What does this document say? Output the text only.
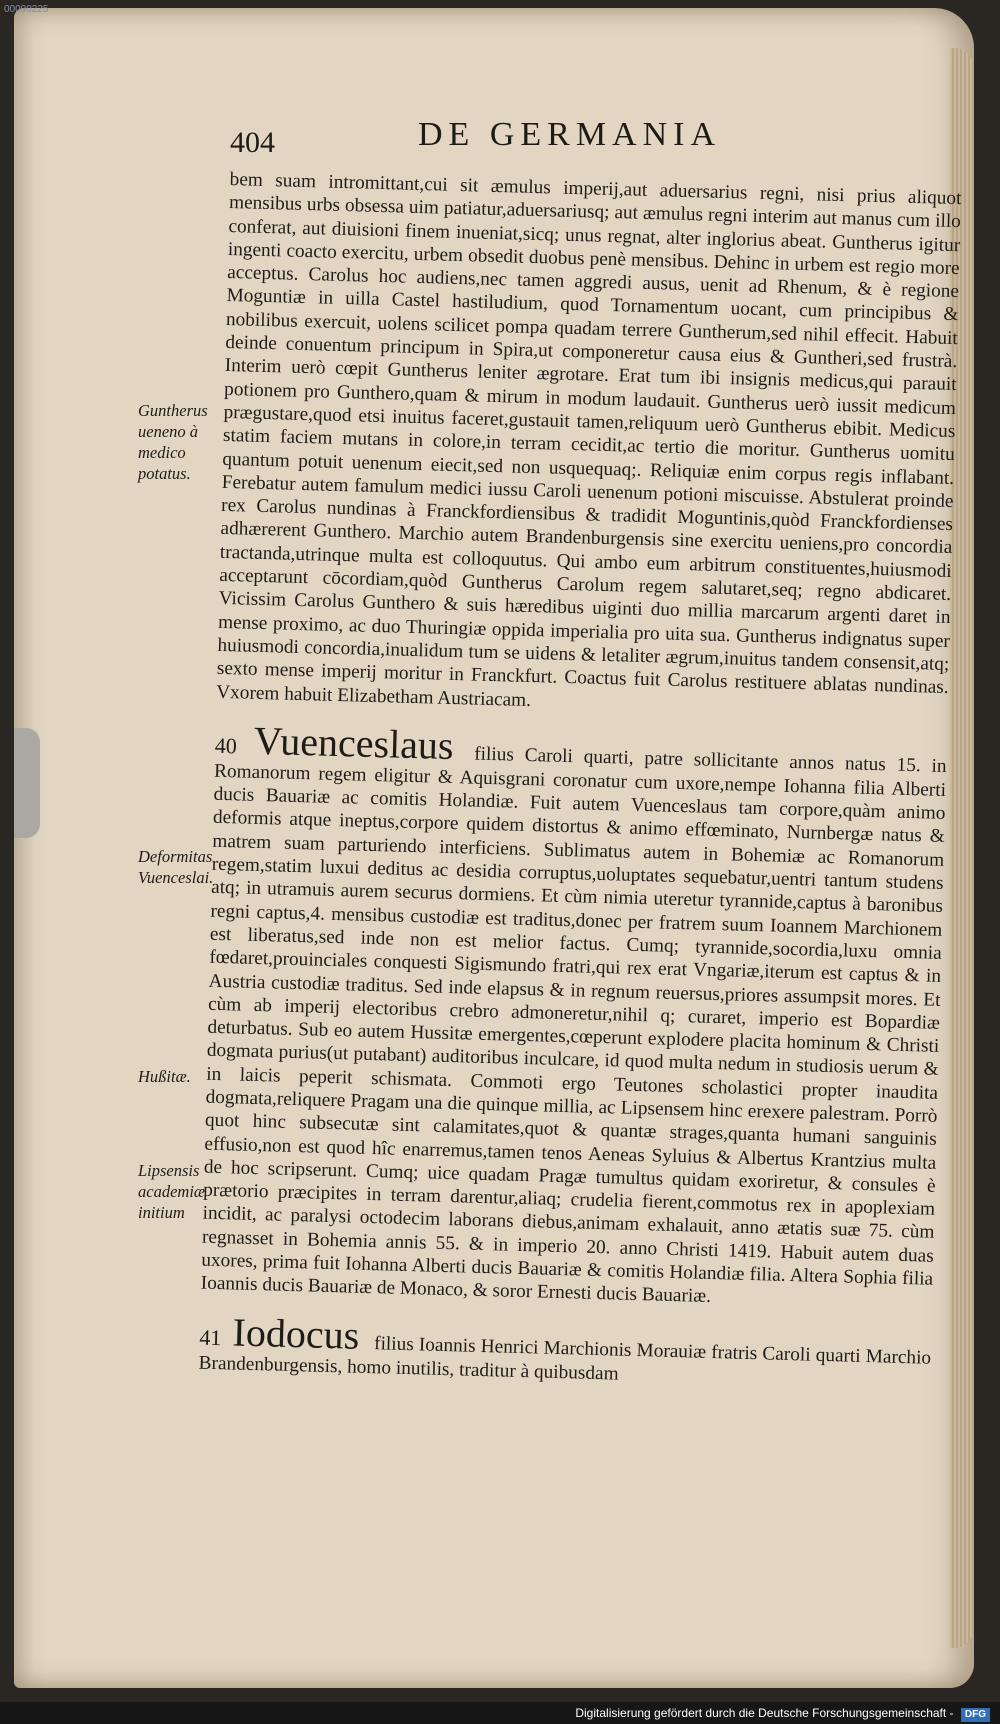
404	DE GERMANIA
Guntherus ueneno à medico potatus.
Deformitas Vuenceslai.
Hußitæ.
Lipsensis academiæ initium

bem suam intromittant,cui sit æmulus imperij,aut aduersarius regni, nisi prius aliquot mensibus urbs obsessa uim patiatur,aduersariusq; aut æmulus regni interim aut manus cum illo conferat, aut diuisioni finem inueniat,sicq; unus regnat, alter inglorius abeat. Guntherus igitur ingenti coacto exercitu, urbem obsedit duobus penè mensibus. Dehinc in urbem est regio more acceptus. Carolus hoc audiens,nec tamen aggredi ausus, uenit ad Rhenum, & è regione Moguntiæ in uilla Castel hastiludium, quod Tornamentum uocant, cum principibus & nobilibus exercuit, uolens scilicet pompa quadam terrere Guntherum,sed nihil effecit. Habuit deinde conuentum principum in Spira,ut componeretur causa eius & Guntheri,sed frustrà. Interim uerò cœpit Guntherus leniter ægrotare. Erat tum ibi insignis medicus,qui parauit potionem pro Gunthero,quam & mirum in modum laudauit. Guntherus uerò iussit medicum prægustare,quod etsi inuitus faceret,gustauit tamen,reliquum uerò Guntherus ebibit. Medicus statim faciem mutans in colore,in terram cecidit,ac tertio die moritur. Guntherus uomitu quantum potuit uenenum eiecit,sed non usquequaq;. Reliquiæ enim corpus regis inflabant. Ferebatur autem famulum medici iussu Caroli uenenum potioni miscuisse. Abstulerat proinde rex Carolus nundinas à Franckfordiensibus & tradidit Moguntinis,quòd Franckfordienses adhærerent Gunthero. Marchio autem Brandenburgensis sine exercitu ueniens,pro concordia tractanda,utrinque multa est colloquutus. Qui ambo eum arbitrum constituentes,huiusmodi acceptarunt cōcordiam,quòd Guntherus Carolum regem salutaret,seq; regno abdicaret. Vicissim Carolus Gunthero & suis hæredibus uiginti duo millia marcarum argenti daret in mense proximo, ac duo Thuringiæ oppida imperialia pro uita sua. Guntherus indignatus super huiusmodi concordia,inualidum tum se uidens & letaliter ægrum,inuitus tandem consensit,atq; sexto mense imperij moritur in Franckfurt. Coactus fuit Carolus restituere ablatas nundinas. Vxorem habuit Elizabetham Austriacam.

40 Vuenceslaus filius Caroli quarti, patre sollicitante annos natus 15. in Romanorum regem eligitur & Aquisgrani coronatur cum uxore,nempe Iohanna filia Alberti ducis Bauariæ ac comitis Holandiæ. Fuit autem Vuenceslaus tam corpore,quàm animo deformis atque ineptus,corpore quidem distortus & animo effœminato, Nurnbergæ natus & matrem suam parturiendo interficiens. Sublimatus autem in Bohemiæ ac Romanorum regem,statim luxui deditus ac desidia corruptus,uoluptates sequebatur,uentri tantum studens atq; in utramuis aurem securus dormiens. Et cùm nimia uteretur tyrannide,captus à baronibus regni captus,4. mensibus custodiæ est traditus,donec per fratrem suum Ioannem Marchionem est liberatus,sed inde non est melior factus. Cumq; tyrannide,socordia,luxu omnia fœdaret,prouinciales conquesti Sigismundo fratri,qui rex erat Vngariæ,iterum est captus & in Austria custodiæ traditus. Sed inde elapsus & in regnum reuersus,priores assumpsit mores. Et cùm ab imperij electoribus crebro admoneretur,nihil q; curaret, imperio est Bopardiæ deturbatus. Sub eo autem Hussitæ emergentes,cœperunt explodere placita hominum & Christi dogmata purius(ut putabant) auditoribus inculcare, id quod multa nedum in studiosis uerum & in laicis peperit schismata. Commoti ergo Teutones scholastici propter inaudita dogmata,reliquere Pragam una die quinque millia, ac Lipsensem hinc erexere palestram. Porrò quot hinc subsecutæ sint calamitates,quot & quantæ strages,quanta humani sanguinis effusio,non est quod hîc enarremus,tamen tenos Aeneas Syluius & Albertus Krantzius multa de hoc scripserunt. Cumq; uice quadam Pragæ tumultus quidam exoriretur, & consules è prætorio præcipites in terram darentur,aliaq; crudelia fierent,commotus rex in apoplexiam incidit, ac paralysi octodecim laborans diebus,animam exhalauit, anno ætatis suæ 75. cùm regnasset in Bohemia annis 55. & in imperio 20. anno Christi 1419. Habuit autem duas uxores, prima fuit Iohanna Alberti ducis Bauariæ & comitis Holandiæ filia. Altera Sophia filia Ioannis ducis Bauariæ de Monaco, & soror Ernesti ducis Bauariæ.

41 Iodocus filius Ioannis Henrici Marchionis Morauiæ fratris Caroli quarti Marchio Brandenburgensis, homo inutilis, traditur à quibusdam

00090225
Digitalisierung gefördert durch die Deutsche Forschungsgemeinschaft - DFG
